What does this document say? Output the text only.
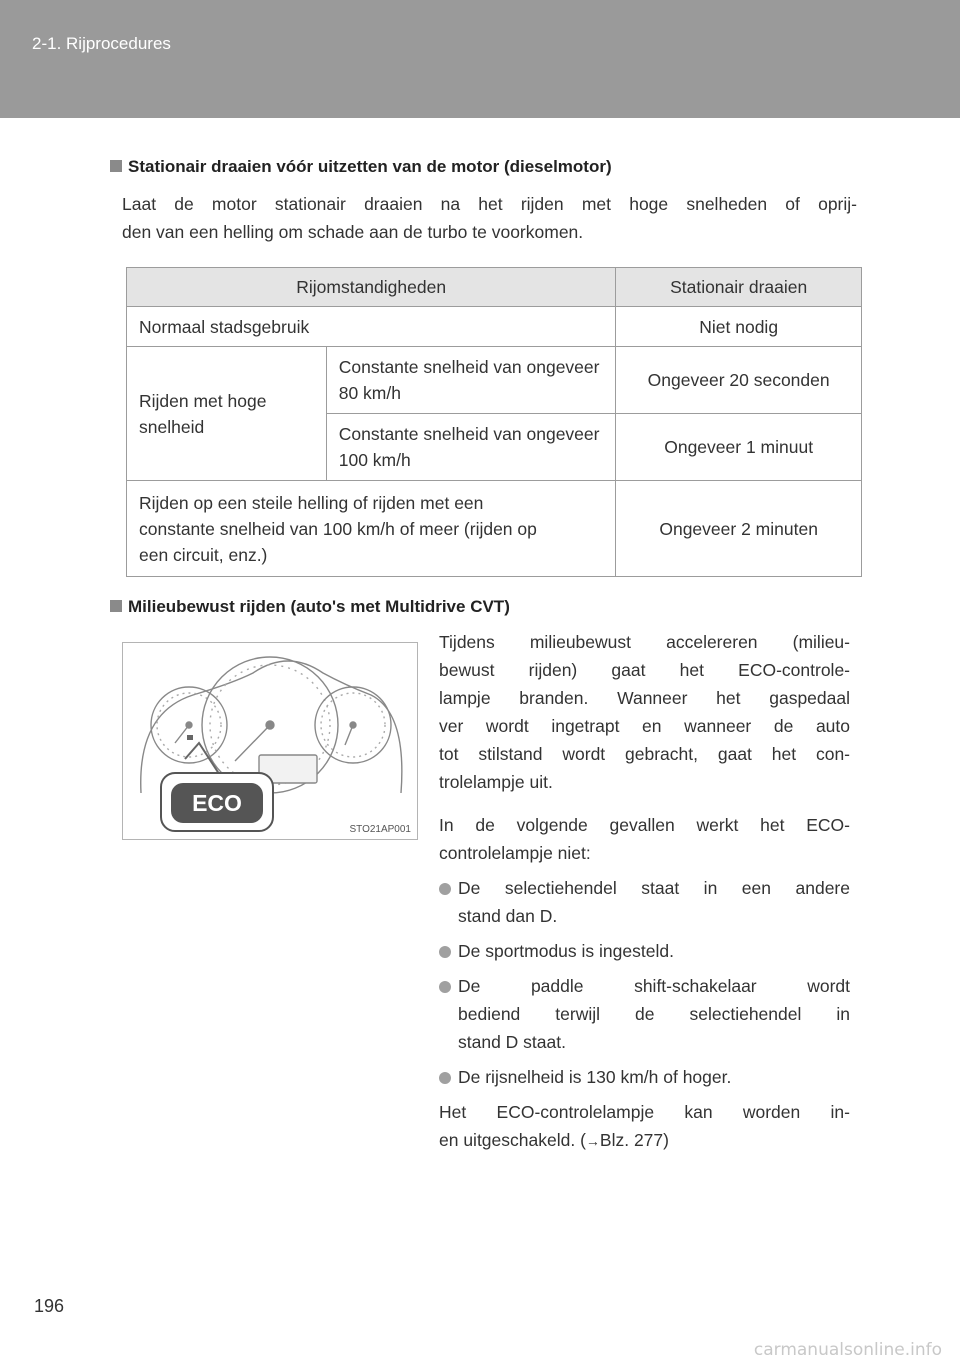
2-1. Rijprocedures
Stationair draaien vóór uitzetten van de motor (dieselmotor)
Laat de motor stationair draaien na het rijden met hoge snelheden of oprij-
den van een helling om schade aan de turbo te voorkomen.
Rijomstandigheden		Stationair draaien
Normaal stadsgebruik		Niet nodig
Rijden met hoge snelheid	Constante snelheid van ongeveer 80 km/h	Ongeveer 20 seconden
	Constante snelheid van ongeveer 100 km/h	Ongeveer 1 minuut
Rijden op een steile helling of rijden met een constante snelheid van 100 km/h of meer (rijden op een circuit, enz.)		Ongeveer 2 minuten
Milieubewust rijden (auto's met Multidrive CVT)
ECO
STO21AP001
Tijdens milieubewust accelereren (milieu-
bewust rijden) gaat het ECO-controle-
lampje branden. Wanneer het gaspedaal
ver wordt ingetrapt en wanneer de auto
tot stilstand wordt gebracht, gaat het con-
trolelampje uit.
In de volgende gevallen werkt het ECO-
controlelampje niet:
De selectiehendel staat in een andere
stand dan D.
De sportmodus is ingesteld.
De paddle shift-schakelaar wordt
bediend terwijl de selectiehendel in
stand D staat.
De rijsnelheid is 130 km/h of hoger.
Het ECO-controlelampje kan worden in-
en uitgeschakeld. (→Blz. 277)
196
carmanualsonline.info
